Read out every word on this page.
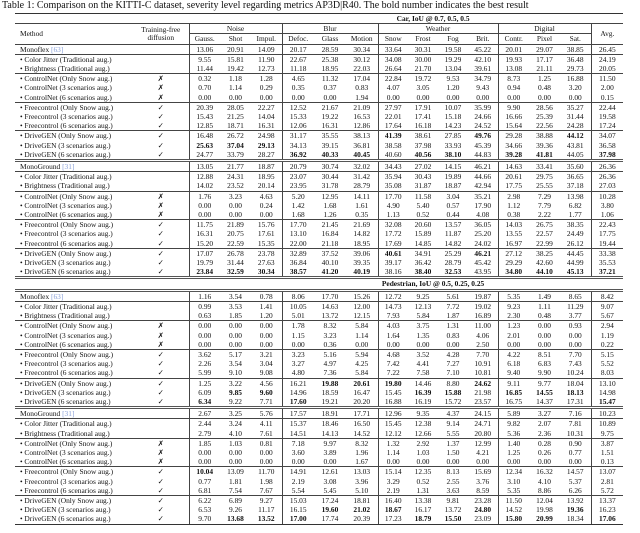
Table 1: Comparison on the KITTI-C dataset, severity level regarding metrics AP3D|R40. The bold number indicates the best result
Car, IoU @ 0.7, 0.5, 0.5															
Method	Training-free diffusion	Noise			Blur			Weather				Digital			Avg.
		Gauss.	Shot	Impul.	Defoc.	Glass	Motion	Snow	Frost	Fog	Brit.	Contr.	Pixel	Sat.	
Monoflex [63]		13.06	20.91	14.09	20.17	28.59	30.34	33.64	30.31	19.58	45.22	20.01	29.07	38.85	26.45
• Color Jitter (Traditional aug.)		9.55	15.81	11.90	22.67	25.38	30.12	34.08	30.00	19.29	42.10	19.93	17.17	36.48	24.19
• Brightness (Traditional aug.)		11.44	19.42	12.73	11.18	18.95	22.03	26.64	21.70	13.04	39.61	13.08	21.11	29.73	20.05
• ControlNet (Only Snow aug.)	✗	0.32	1.18	1.28	4.65	11.32	17.04	22.84	19.72	9.53	34.79	8.73	1.25	16.88	11.50
• ControlNet (3 scenarios aug.)	✗	0.70	1.14	0.29	0.35	0.37	0.83	4.07	3.05	1.20	9.43	0.94	0.48	3.20	2.00
• ControlNet (6 scenarios aug.)	✗	0.00	0.00	0.00	0.00	0.00	1.94	0.00	0.00	0.00	0.00	0.00	0.00	0.00	0.15
• Freecontrol (Only Snow aug.)	✓	20.39	28.05	22.27	12.52	21.67	21.09	27.97	17.91	10.07	35.99	9.90	28.56	35.27	22.44
• Freecontrol (3 scenarios aug.)	✓	15.43	21.25	14.04	15.33	19.22	16.53	22.01	17.41	15.18	24.66	16.66	25.39	31.44	19.58
• Freecontrol (6 scenarios aug.)	✓	12.85	18.71	16.31	12.06	16.31	12.86	17.64	16.18	14.23	24.52	15.64	22.56	24.28	17.24
• DriveGEN (Only Snow aug.)	✓	16.48	26.72	24.98	31.17	35.55	38.13	41.39	38.61	27.85	49.76	29.28	38.88	44.12	34.07
• DriveGEN (3 scenarios aug.)	✓	25.63	37.04	29.13	34.13	39.15	36.81	38.58	37.98	33.93	45.39	34.66	39.36	43.81	36.58
• DriveGEN (6 scenarios aug.)	✓	24.77	33.79	28.27	36.92	40.33	40.45	40.60	40.56	38.10	44.83	39.28	41.81	44.05	37.98
MonoGround [31]		13.05	21.77	18.87	20.79	30.74	32.02	34.43	27.02	14.15	46.21	14.63	33.41	35.60	26.36
• Color Jitter (Traditional aug.)		12.88	24.31	18.95	23.07	30.44	31.42	35.94	30.43	19.89	44.66	20.61	29.75	36.65	26.36
• Brightness (Traditional aug.)		14.02	23.52	20.14	23.95	31.78	28.79	35.08	31.87	18.87	42.94	17.75	25.55	37.18	27.03
• ControlNet (Only Snow aug.)	✗	1.76	3.23	4.63	5.20	12.95	14.11	17.70	11.58	3.04	35.21	2.98	7.29	13.98	10.28
• ControlNet (3 scenarios aug.)	✗	0.00	0.00	0.24	1.42	1.68	1.61	4.90	5.40	0.57	17.90	1.12	7.79	6.82	3.80
• ControlNet (6 scenarios aug.)	✗	0.00	0.00	0.00	1.68	1.26	0.35	1.13	0.52	0.44	4.08	0.38	2.22	1.77	1.06
• Freecontrol (Only Snow aug.)	✓	11.75	21.89	15.76	17.70	21.45	21.69	32.08	20.60	13.57	36.05	14.03	26.75	38.35	22.43
• Freecontrol (3 scenarios aug.)	✓	16.31	20.75	17.61	13.10	16.84	14.82	17.72	15.89	11.87	25.20	13.55	22.57	24.49	17.75
• Freecontrol (6 scenarios aug.)	✓	15.20	22.59	15.35	22.00	21.18	18.95	17.69	14.85	14.82	24.02	16.97	22.99	26.12	19.44
• DriveGEN (Only Snow aug.)	✓	17.07	26.78	23.78	32.89	37.52	39.06	40.61	34.91	25.29	46.21	27.12	38.25	44.45	33.38
• DriveGEN (3 scenarios aug.)	✓	19.79	31.44	27.63	36.84	40.10	39.35	39.17	36.42	28.79	45.42	29.29	42.60	44.99	35.53
• DriveGEN (6 scenarios aug.)	✓	23.84	32.59	30.34	38.57	41.20	40.19	38.16	38.40	32.53	43.95	34.80	44.10	45.13	37.21
Pedestrian, IoU @ 0.5, 0.25, 0.25															
Monoflex [63]		1.16	3.54	0.78	8.06	17.70	15.26	12.72	9.25	5.61	19.87	5.35	1.49	8.65	8.42
• Color Jitter (Traditional aug.)		0.99	3.53	1.41	10.05	14.63	12.00	14.73	12.13	7.72	19.02	9.23	1.11	11.29	9.07
• Brightness (Traditional aug.)		0.63	1.85	1.20	5.01	13.72	12.15	7.93	5.84	1.87	16.89	2.30	0.48	3.77	5.67
• ControlNet (Only Snow aug.)	✗	0.00	0.00	0.00	1.78	8.32	5.84	4.03	3.75	1.31	11.00	1.23	0.00	0.93	2.94
• ControlNet (3 scenarios aug.)	✗	0.00	0.00	0.00	1.15	3.23	1.14	1.64	1.35	0.83	4.06	2.01	0.00	0.00	1.19
• ControlNet (6 scenarios aug.)	✗	0.00	0.00	0.00	0.00	0.36	0.00	0.00	0.00	0.00	2.50	0.00	0.00	0.00	0.22
• Freecontrol (Only Snow aug.)	✓	3.62	5.17	3.21	3.23	5.16	5.94	4.68	3.52	4.28	7.70	4.22	8.51	7.70	5.15
• Freecontrol (3 scenarios aug.)	✓	2.26	3.54	3.04	3.27	4.97	4.25	7.42	4.41	7.27	10.91	6.18	6.83	7.43	5.52
• Freecontrol (6 scenarios aug.)	✓	5.99	9.10	9.08	4.80	7.36	5.84	7.22	7.58	7.10	10.81	9.40	9.90	10.24	8.03
• DriveGEN (Only Snow aug.)	✓	1.25	3.22	4.56	16.21	19.88	20.61	19.80	14.46	8.80	24.62	9.11	9.77	18.04	13.10
• DriveGEN (3 scenarios aug.)	✓	6.09	9.85	9.60	14.96	18.59	16.47	15.45	16.39	15.88	21.98	16.85	14.55	18.13	14.98
• DriveGEN (6 scenarios aug.)	✓	6.34	9.22	7.71	17.60	19.21	20.20	16.88	16.19	15.72	23.57	16.75	14.37	17.31	15.47
MonoGround [31]		2.67	3.25	5.76	17.57	18.91	17.71	12.96	9.35	4.37	24.15	5.89	3.27	7.16	10.23
• Color Jitter (Traditional aug.)		2.44	3.24	4.11	15.37	18.46	16.50	15.45	12.38	9.14	24.71	9.82	2.07	7.81	10.89
• Brightness (Traditional aug.)		2.79	4.10	7.61	14.51	14.13	14.52	12.12	12.66	5.55	20.80	5.36	2.36	10.31	9.75
• ControlNet (Only Snow aug.)	✗	1.85	1.03	0.81	7.18	9.97	8.32	1.32	2.92	1.37	12.99	1.40	0.28	0.90	3.87
• ControlNet (3 scenarios aug.)	✗	0.00	0.00	0.00	3.60	3.89	1.96	1.14	1.03	1.50	4.21	1.25	0.26	0.77	1.51
• ControlNet (6 scenarios aug.)	✗	0.00	0.00	0.00	0.00	0.00	1.67	0.00	0.00	0.00	0.00	0.00	0.00	0.00	0.13
• Freecontrol (Only Snow aug.)	✓	10.04	13.09	11.70	14.91	12.61	13.03	15.14	12.35	8.13	15.69	12.34	16.32	14.57	13.07
• Freecontrol (3 scenarios aug.)	✓	0.77	1.81	1.98	2.19	3.08	3.96	3.29	0.52	2.55	3.76	3.10	4.10	5.37	2.81
• Freecontrol (6 scenarios aug.)	✓	6.81	7.54	7.67	5.54	5.45	5.10	2.19	1.31	3.63	8.59	5.35	8.86	6.26	5.72
• DriveGEN (Only Snow aug.)	✓	6.22	6.89	9.27	15.03	17.24	18.81	16.40	13.38	9.81	23.28	11.50	12.04	13.92	13.37
• DriveGEN (3 scenarios aug.)	✓	6.53	9.26	11.17	16.15	19.60	21.02	18.67	16.17	13.72	24.80	14.52	19.98	19.36	16.23
• DriveGEN (6 scenarios aug.)	✓	9.70	13.68	13.52	17.00	17.74	20.39	17.23	18.79	15.50	23.09	15.80	20.99	18.34	17.06
